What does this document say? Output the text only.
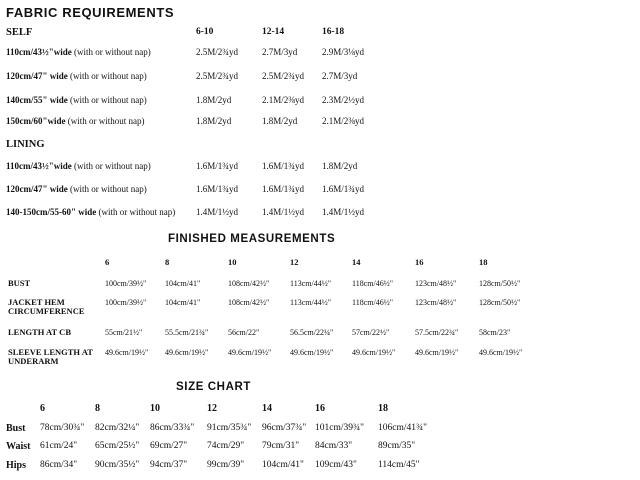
FABRIC REQUIREMENTS
6-10	12-14	16-18
SELF
110cm/43½"wide (with or without nap)	2.5M/2¾yd	2.7M/3yd	2.9M/3⅛yd
120cm/47" wide (with or without nap)	2.5M/2¾yd	2.5M/2¾yd 2.7M/3yd
140cm/55" wide (with or without nap)	1.8M/2yd	2.1M/2⅜yd 2.3M/2½yd
150cm/60"wide (with or without nap)	1.8M/2yd	1.8M/2yd	2.1M/2⅜yd
LINING
110cm/43½"wide (with or without nap)	1.6M/1¾yd	1.6M/1¾yd 1.8M/2yd
120cm/47" wide (with or without nap)	1.6M/1¾yd	1.6M/1¾yd 1.6M/1¾yd
140-150cm/55-60" wide (with or without nap) 1.4M/1½yd	1.4M/1½yd 1.4M/1½yd
FINISHED MEASUREMENTS
6	8	10	12	14	16	18
BUST	100cm/39½" 104cm/41"	108cm/42½"	113cm/44½"	118cm/46½"	123cm/48½"	128cm/50½"
JACKET HEM
CIRCUMFERENCE
100cm/39½" 104cm/41"	108cm/42½"	113cm/44½"	118cm/46½"	123cm/48½"	128cm/50½"
LENGTH AT CB	55cm/21½"	55.5cm/21¾" 56cm/22"	56.5cm/22¼" 57cm/22½"	57.5cm/22¾"	58cm/23"
SLEEVE LENGTH AT
UNDERARM
49.6cm/19½" 49.6cm/19½" 49.6cm/19½" 49.6cm/19½" 49.6cm/19½" 49.6cm/19½"	49.6cm/19½"
SIZE CHART
6	8	10	12	14	16	18
Bust 78cm/30¾" 82cm/32¼" 86cm/33¾" 91cm/35¾" 96cm/37¾" 101cm/39¾" 106cm/41¾"
Waist 61cm/24" 65cm/25½" 69cm/27" 74cm/29" 79cm/31" 84cm/33"	89cm/35"
Hips 86cm/34" 90cm/35½" 94cm/37" 99cm/39" 104cm/41" 109cm/43" 114cm/45"
